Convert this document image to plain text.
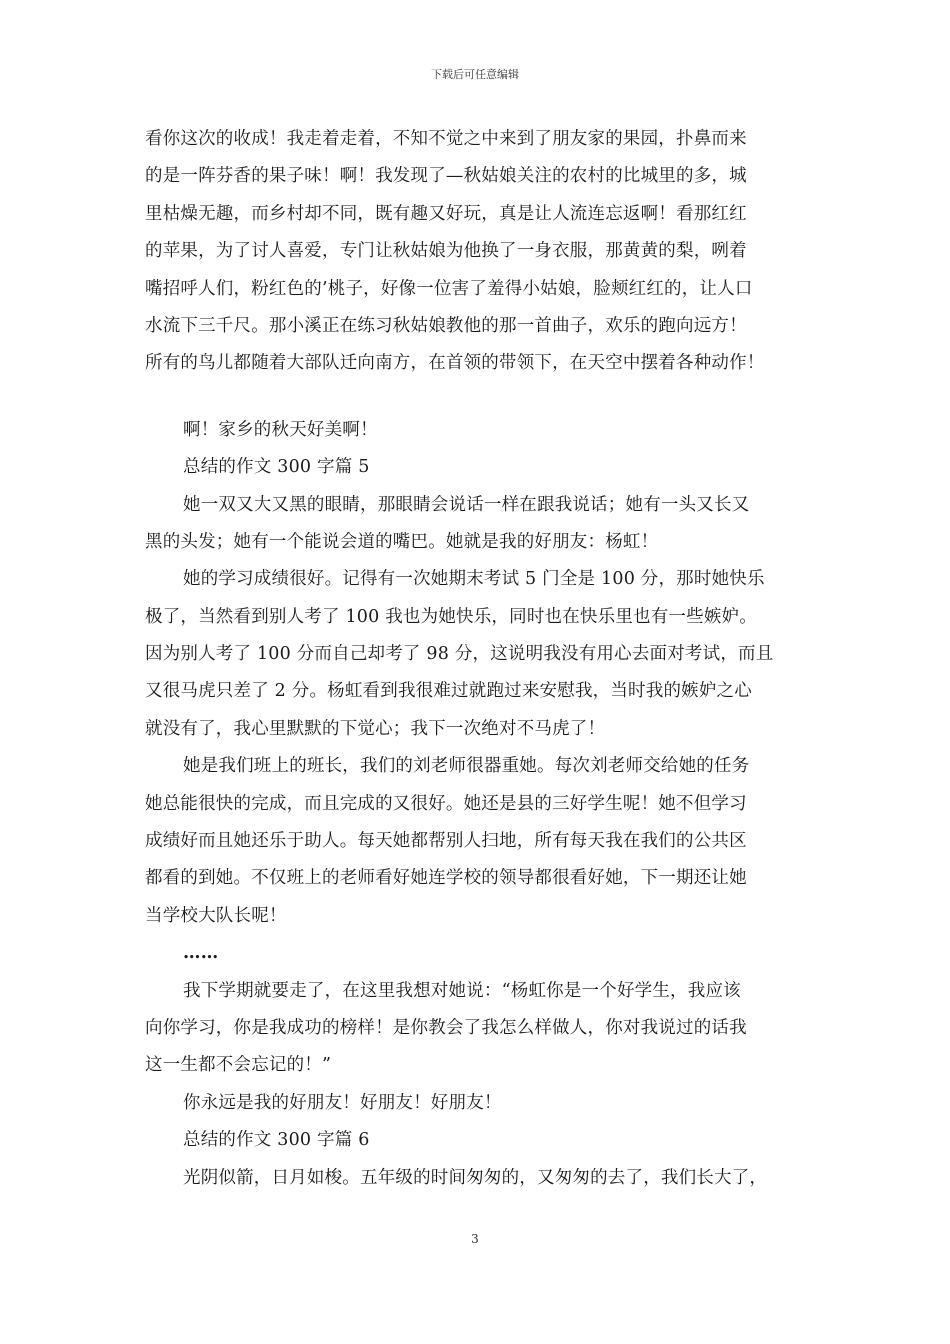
下载后可任意编辑
看你这次的收成！我走着走着，不知不觉之中来到了朋友家的果园，扑鼻而来
的是一阵芬香的果子味！啊！我发现了—秋姑娘关注的农村的比城里的多，城
里枯燥无趣，而乡村却不同，既有趣又好玩，真是让人流连忘返啊！看那红红
的苹果，为了讨人喜爱，专门让秋姑娘为他换了一身衣服，那黄黄的梨，咧着
嘴招呼人们，粉红色的’桃子，好像一位害了羞得小姑娘，脸颊红红的，让人口
水流下三千尺。那小溪正在练习秋姑娘教他的那一首曲子，欢乐的跑向远方！
所有的鸟儿都随着大部队迁向南方，在首领的带领下，在天空中摆着各种动作！
啊！家乡的秋天好美啊！
总结的作文 300 字篇 5
她一双又大又黑的眼睛，那眼睛会说话一样在跟我说话；她有一头又长又
黑的头发；她有一个能说会道的嘴巴。她就是我的好朋友：杨虹！
她的学习成绩很好。记得有一次她期末考试 5 门全是 100 分，那时她快乐
极了，当然看到别人考了 100 我也为她快乐，同时也在快乐里也有一些嫉妒。
因为别人考了 100 分而自己却考了 98 分，这说明我没有用心去面对考试，而且
又很马虎只差了 2 分。杨虹看到我很难过就跑过来安慰我，当时我的嫉妒之心
就没有了，我心里默默的下觉心；我下一次绝对不马虎了！
她是我们班上的班长，我们的刘老师很器重她。每次刘老师交给她的任务
她总能很快的完成，而且完成的又很好。她还是县的三好学生呢！她不但学习
成绩好而且她还乐于助人。每天她都帮别人扫地，所有每天我在我们的公共区
都看的到她。不仅班上的老师看好她连学校的领导都很看好她，下一期还让她
当学校大队长呢！
……
我下学期就要走了，在这里我想对她说：“杨虹你是一个好学生，我应该
向你学习，你是我成功的榜样！是你教会了我怎么样做人，你对我说过的话我
这一生都不会忘记的！”
你永远是我的好朋友！好朋友！好朋友！
总结的作文 300 字篇 6
光阴似箭，日月如梭。五年级的时间匆匆的，又匆匆的去了，我们长大了，
3
